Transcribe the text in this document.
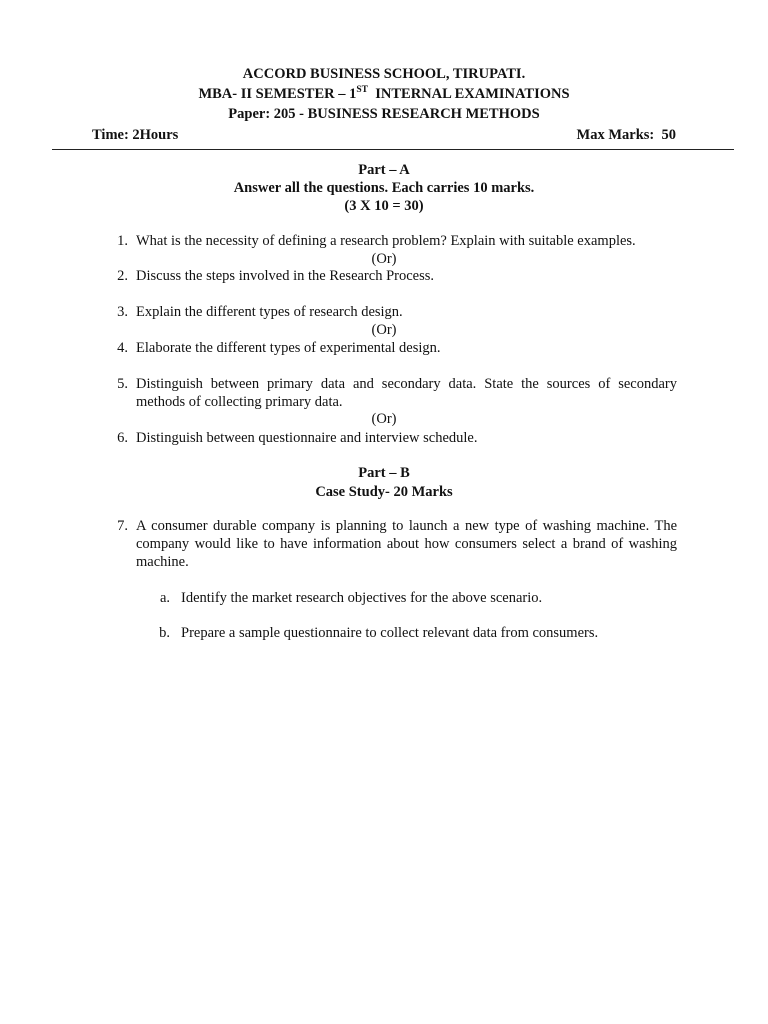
ACCORD BUSINESS SCHOOL, TIRUPATI.
MBA- II SEMESTER – 1ST  INTERNAL EXAMINATIONS
Paper: 205 - BUSINESS RESEARCH METHODS
Time: 2Hours	Max Marks:  50
Part – A
Answer all the questions. Each carries 10 marks.
(3 X 10 = 30)
1. What is the necessity of defining a research problem? Explain with suitable examples.
(Or)
2. Discuss the steps involved in the Research Process.
3. Explain the different types of research design.
(Or)
4. Elaborate the different types of experimental design.
5. Distinguish between primary data and secondary data. State the sources of secondary methods of collecting primary data.
(Or)
6. Distinguish between questionnaire and interview schedule.
Part – B
Case Study- 20 Marks
7. A consumer durable company is planning to launch a new type of washing machine. The company would like to have information about how consumers select a brand of washing machine.
a. Identify the market research objectives for the above scenario.
b. Prepare a sample questionnaire to collect relevant data from consumers.
